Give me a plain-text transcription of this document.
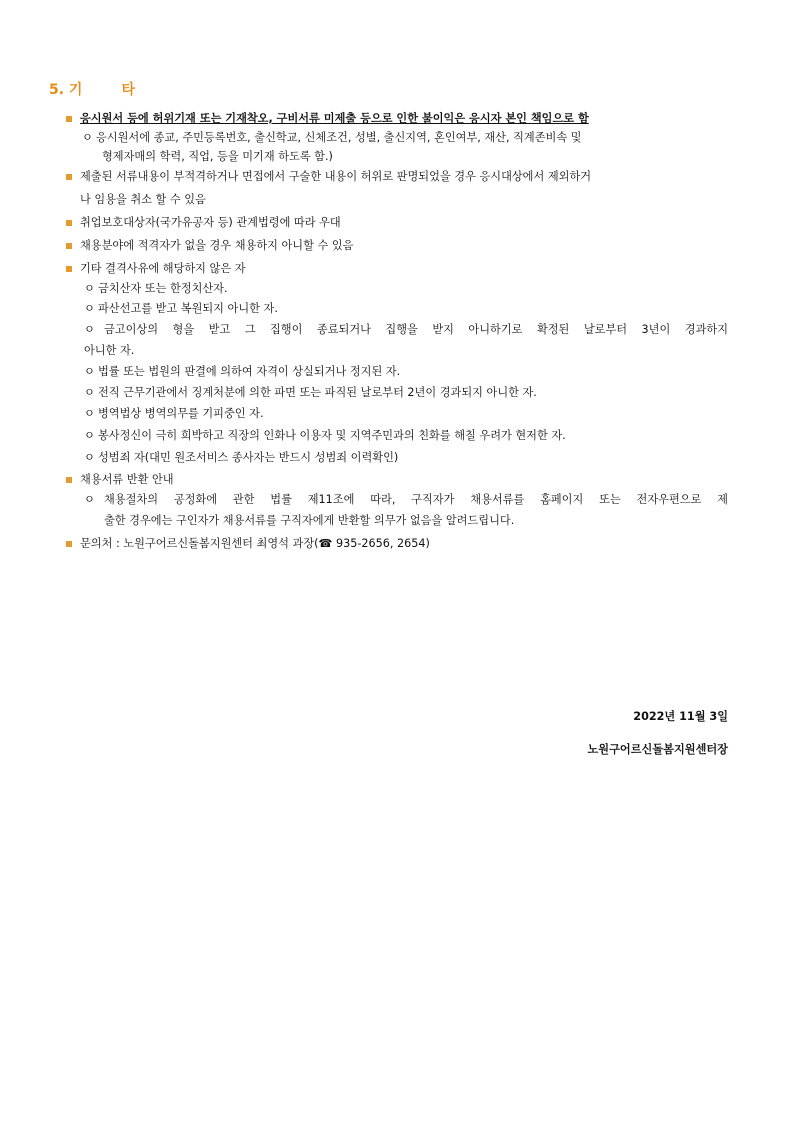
5. 기        타
응시원서 등에 허위기재 또는 기재착오, 구비서류 미제출 등으로 인한 불이익은 응시자 본인 책임으로 함
ㅇ 응시원서에 종교, 주민등록번호, 출신학교, 신체조건, 성별, 출신지역, 혼인여부, 재산, 직계존비속 및
형제자매의 학력, 직업, 등을 미기재 하도록 함.)
제출된 서류내용이 부적격하거나 면접에서 구술한 내용이 허위로 판명되었을 경우 응시대상에서 제외하거
나 임용을 취소 할 수 있음
취업보호대상자(국가유공자 등) 관계법령에 따라 우대
채용분야에 적격자가 없을 경우 채용하지 아니할 수 있음
기타 결격사유에 해당하지 않은 자
ㅇ 금치산자 또는 한정치산자.
ㅇ 파산선고를 받고 복원되지 아니한 자.
ㅇ 금고이상의 형을 받고 그 집행이 종료되거나 집행을 받지 아니하기로 확정된 날로부터 3년이 경과하지
아니한 자.
ㅇ 법률 또는 법원의 판결에 의하여 자격이 상실되거나 정지된 자.
ㅇ 전직 근무기관에서 징계처분에 의한 파면 또는 파직된 날로부터 2년이 경과되지 아니한 자.
ㅇ 병역법상 병역의무를 기피중인 자.
ㅇ 봉사정신이 극히 희박하고 직장의 인화나 이용자 및 지역주민과의 친화를 해칠 우려가 현저한 자.
ㅇ 성범죄 자(대민 원조서비스 종사자는 반드시 성범죄 이력확인)
채용서류 반환 안내
ㅇ 채용절차의 공정화에 관한 법률 제11조에 따라, 구직자가 채용서류를 홈페이지 또는 전자우편으로 제
출한 경우에는 구인자가 채용서류를 구직자에게 반환할 의무가 없음을 알려드립니다.
문의처 : 노원구어르신돌봄지원센터 최영석 과장(☎ 935-2656, 2654)
2022년 11월 3일
노원구어르신돌봄지원센터장
